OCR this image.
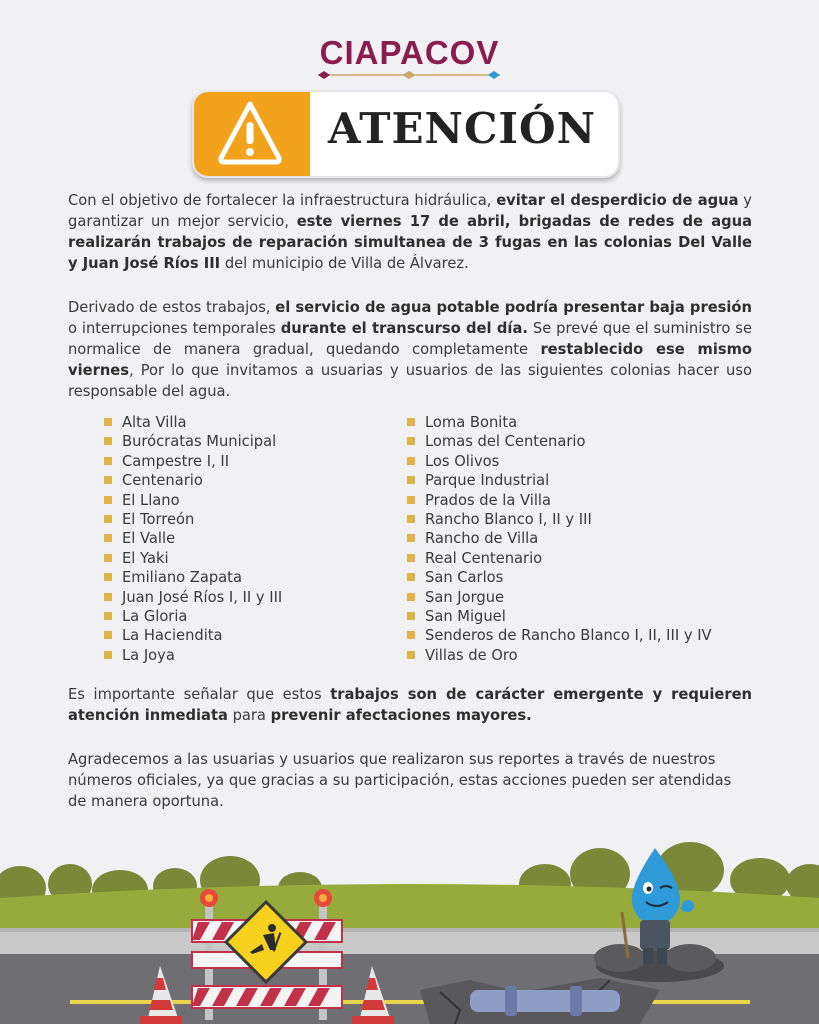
CIAPACOV
ATENCIÓN
Con el objetivo de fortalecer la infraestructura hidráulica, evitar el desperdicio de agua y garantizar un mejor servicio, este viernes 17 de abril, brigadas de redes de agua realizarán trabajos de reparación simultanea de 3 fugas en las colonias Del Valle y Juan José Ríos III del municipio de Villa de Álvarez.
Derivado de estos trabajos, el servicio de agua potable podría presentar baja presión o interrupciones temporales durante el transcurso del día. Se prevé que el suministro se normalice de manera gradual, quedando completamente restablecido ese mismo viernes, Por lo que invitamos a usuarias y usuarios de las siguientes colonias hacer uso responsable del agua.
Alta Villa
Burócratas Municipal
Campestre I, II
Centenario
El Llano
El Torreón
El Valle
El Yaki
Emiliano Zapata
Juan José Ríos I, II y III
La Gloria
La Haciendita
La Joya
Loma Bonita
Lomas del Centenario
Los Olivos
Parque Industrial
Prados de la Villa
Rancho Blanco I, II y III
Rancho de Villa
Real Centenario
San Carlos
San Jorgue
San Miguel
Senderos de Rancho Blanco I, II, III y IV
Villas de Oro
Es importante señalar que estos trabajos son de carácter emergente y requieren atención inmediata para prevenir afectaciones mayores.
Agradecemos a las usuarias y usuarios que realizaron sus reportes a través de nuestros números oficiales, ya que gracias a su participación, estas acciones pueden ser atendidas de manera oportuna.
